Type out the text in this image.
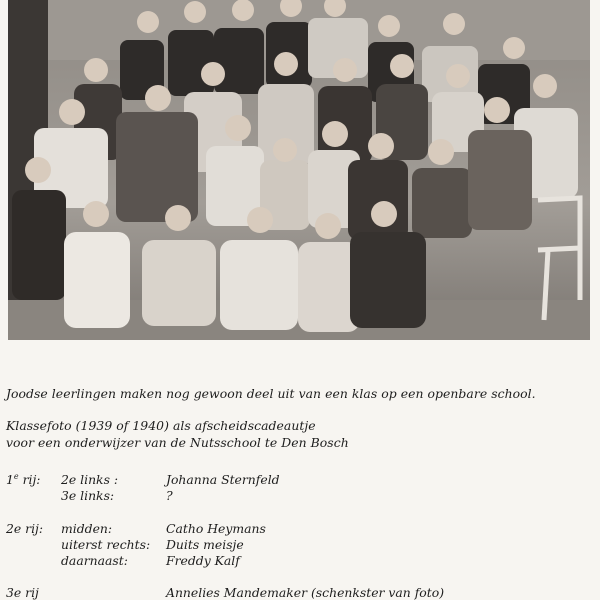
Joodse leerlingen maken nog gewoon deel uit van een klas op een openbare school.
Klassefoto (1939 of 1940) als afscheidscadeautje
voor een onderwijzer van de Nutsschool te Den Bosch
1e rij: 2e links :	Johanna Sternfeld
3e links:	?
2e rij: midden:	Catho Heymans
uiterst rechts: Duits meisje
daarnaast:	Freddy Kalf
3e rij	Annelies Mandemaker (schenkster van foto)
